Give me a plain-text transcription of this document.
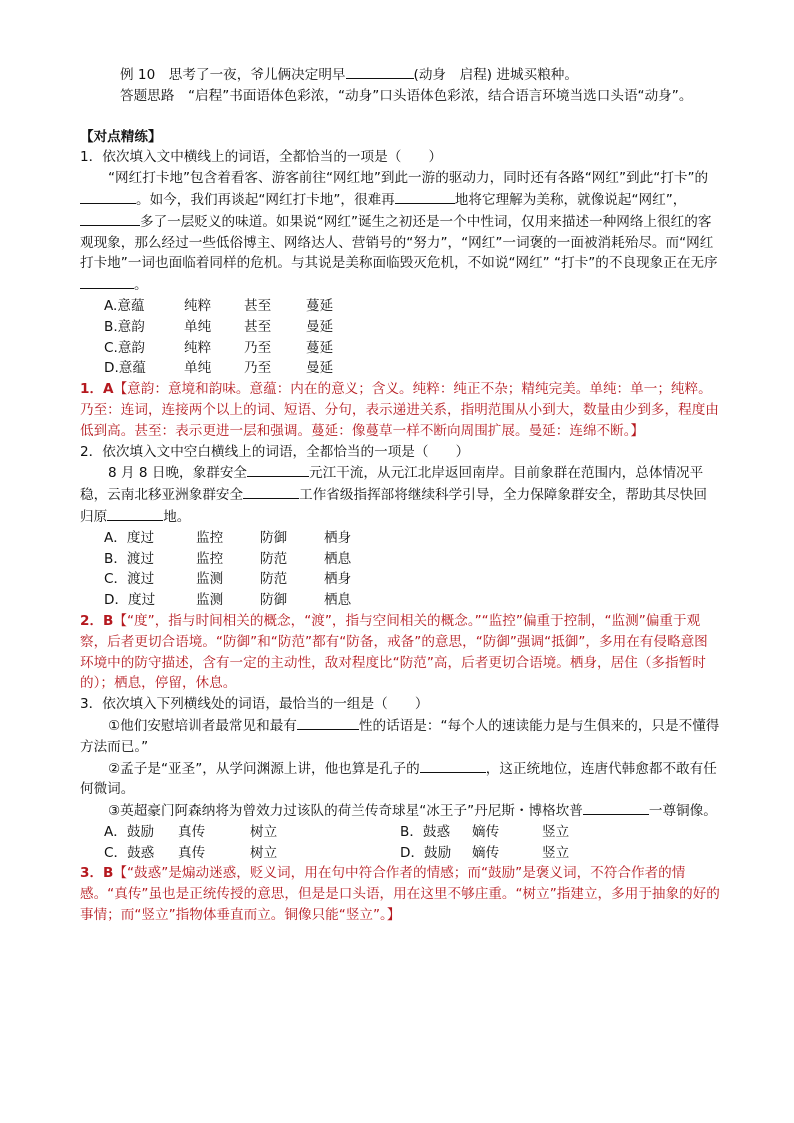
例 10　思考了一夜，爷儿俩决定明早	(动身　启程) 进城买粮种。

答题思路　“启程”书面语体色彩浓，“动身”口头语体色彩浓，结合语言环境当选口头语“动身”。

【对点精练】

1．依次填入文中横线上的词语，全都恰当的一项是（　　）

“网红打卡地”包含着看客、游客前往“网红地”到此一游的驱动力，同时还有各路“网红”到此“打卡”的。如今，我们再谈起“网红打卡地”，很难再	地将它理解为美称，就像说起“网红”，多了一层贬义的味道。如果说“网红”诞生之初还是一个中性词，仅用来描述一种网络上很红的客观现象，那么经过一些低俗博主、网络达人、营销号的“努力”，“网红”一词褒的一面被消耗殆尽。而“网红打卡地”一词也面临着同样的危机。与其说是美称面临毁灭危机，不如说“网红” “打卡”的不良现象正在无序。

A.意蕴	纯粹	甚至	蔓延
B.意韵	单纯	甚至	曼延
C.意韵	纯粹	乃至	蔓延
D.意蕴	单纯	乃至	曼延

1．A【意韵：意境和韵味。意蕴：内在的意义；含义。纯粹：纯正不杂；精纯完美。单纯：单一；纯粹。乃至：连词，连接两个以上的词、短语、分句，表示递进关系，指明范围从小到大，数量由少到多，程度由低到高。甚至：表示更进一层和强调。蔓延：像蔓草一样不断向周围扩展。曼延：连绵不断。】

2．依次填入文中空白横线上的词语，全都恰当的一项是（　　）

8 月 8 日晚，象群安全	元江干流，从元江北岸返回南岸。目前象群在范围内，总体情况平稳，云南北移亚洲象群安全	工作省级指挥部将继续科学引导，全力保障象群安全，帮助其尽快回归原	地。

A．度过	监控	防御	栖身
B．渡过	监控	防范	栖息
C．渡过	监测	防范	栖身
D．度过	监测	防御	栖息

2．B【“度”，指与时间相关的概念，“渡”，指与空间相关的概念。”“监控”偏重于控制，“监测”偏重于观察，后者更切合语境。“防御”和“防范”都有“防备，戒备”的意思，“防御”强调“抵御”，多用在有侵略意图环境中的防守描述，含有一定的主动性，敌对程度比“防范”高，后者更切合语境。栖身，居住（多指暂时的）；栖息，停留，休息。

3．依次填入下列横线处的词语，最恰当的一组是（　　）

①他们安慰培训者最常见和最有	性的话语是：“每个人的速读能力是与生俱来的，只是不懂得方法而已。”

②孟子是“亚圣”，从学问渊源上讲，他也算是孔子的	，这正统地位，连唐代韩愈都不敢有任何微词。

③英超豪门阿森纳将为曾效力过该队的荷兰传奇球星“冰王子”丹尼斯・博格坎普	一尊铜像。

A．鼓励	真传	树立	B．鼓惑	嫡传	竖立
C．鼓惑	真传	树立	D．鼓励	嫡传	竖立

3．B【“鼓惑”是煽动迷惑，贬义词，用在句中符合作者的情感；而“鼓励”是褒义词，不符合作者的情感。“真传”虽也是正统传授的意思，但是是口头语，用在这里不够庄重。“树立”指建立，多用于抽象的好的事情；而“竖立”指物体垂直而立。铜像只能“竖立”。】
